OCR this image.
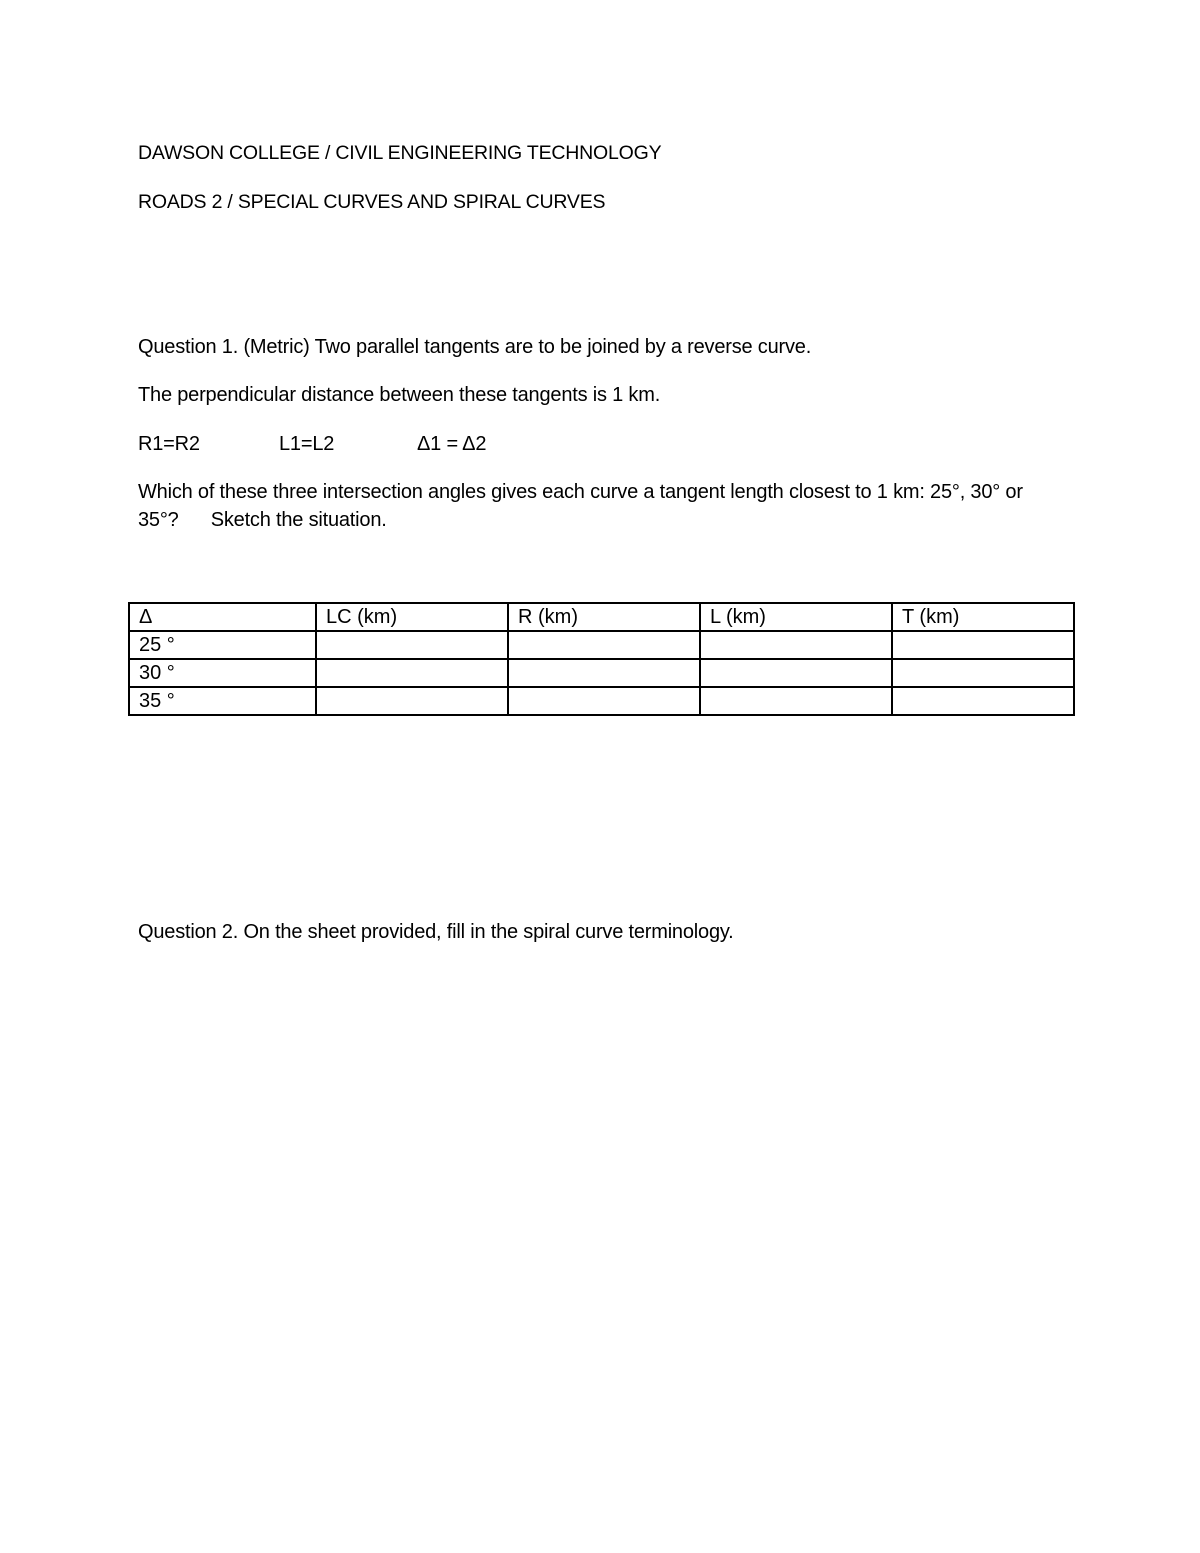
DAWSON COLLEGE / CIVIL ENGINEERING TECHNOLOGY
ROADS 2 / SPECIAL CURVES AND SPIRAL CURVES
Question 1. (Metric) Two parallel tangents are to be joined by a reverse curve.
The perpendicular distance between these tangents is 1 km.
R1=R2	L1=L2	Δ1 = Δ2
Which of these three intersection angles gives each curve a tangent length closest to 1 km: 25°, 30° or 35°?      Sketch the situation.
Δ	LC (km)	R (km)	L (km)	T (km)
25 °				
30 °				
35 °				
Question 2. On the sheet provided, fill in the spiral curve terminology.
